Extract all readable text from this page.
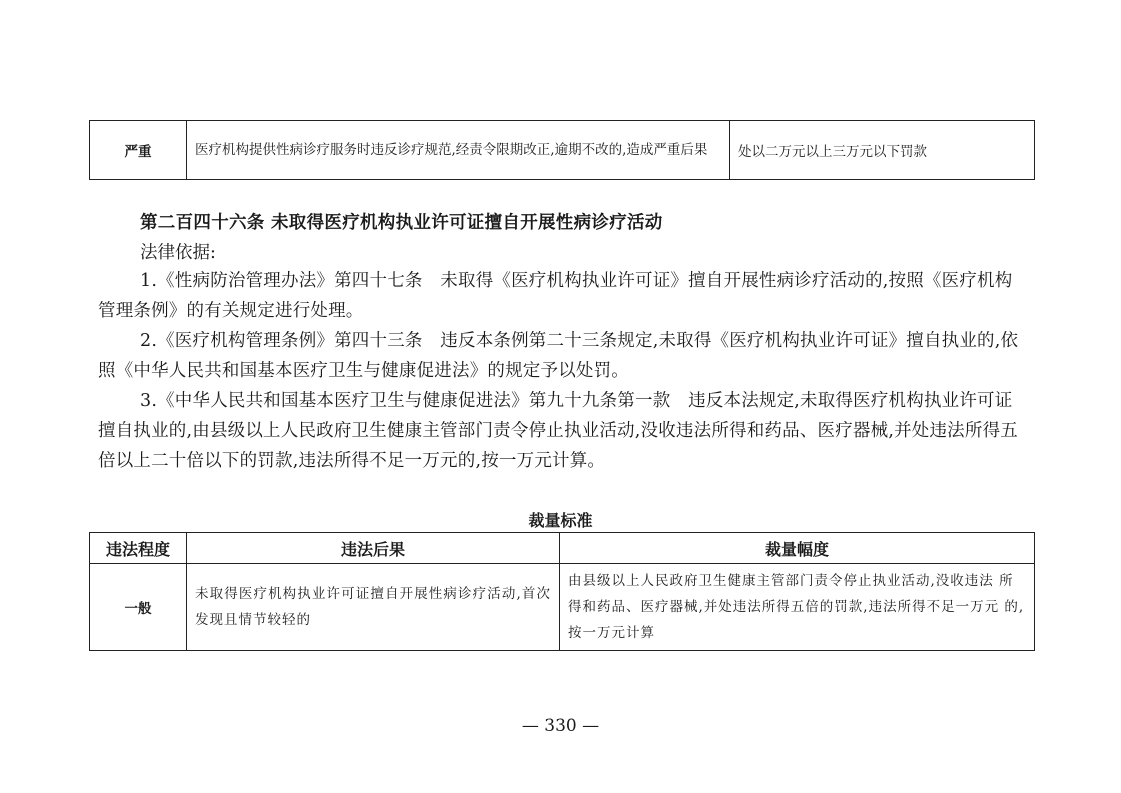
严重	医疗机构提供性病诊疗服务时违反诊疗规范,经责令限期改正,逾期不改的,造成严重后果	处以二万元以上三万元以下罚款
第二百四十六条 未取得医疗机构执业许可证擅自开展性病诊疗活动
法律依据:
1.《性病防治管理办法》第四十七条　未取得《医疗机构执业许可证》擅自开展性病诊疗活动的,按照《医疗机构管理条例》的有关规定进行处理。
2.《医疗机构管理条例》第四十三条　违反本条例第二十三条规定,未取得《医疗机构执业许可证》擅自执业的,依照《中华人民共和国基本医疗卫生与健康促进法》的规定予以处罚。
3.《中华人民共和国基本医疗卫生与健康促进法》第九十九条第一款　违反本法规定,未取得医疗机构执业许可证擅自执业的,由县级以上人民政府卫生健康主管部门责令停止执业活动,没收违法所得和药品、医疗器械,并处违法所得五倍以上二十倍以下的罚款,违法所得不足一万元的,按一万元计算。
裁量标准
违法程度	违法后果	裁量幅度
一般	未取得医疗机构执业许可证擅自开展性病诊疗活动,首次发现且情节较轻的	由县级以上人民政府卫生健康主管部门责令停止执业活动,没收违法 所得和药品、医疗器械,并处违法所得五倍的罚款,违法所得不足一万元 的,按一万元计算
— 330 —
